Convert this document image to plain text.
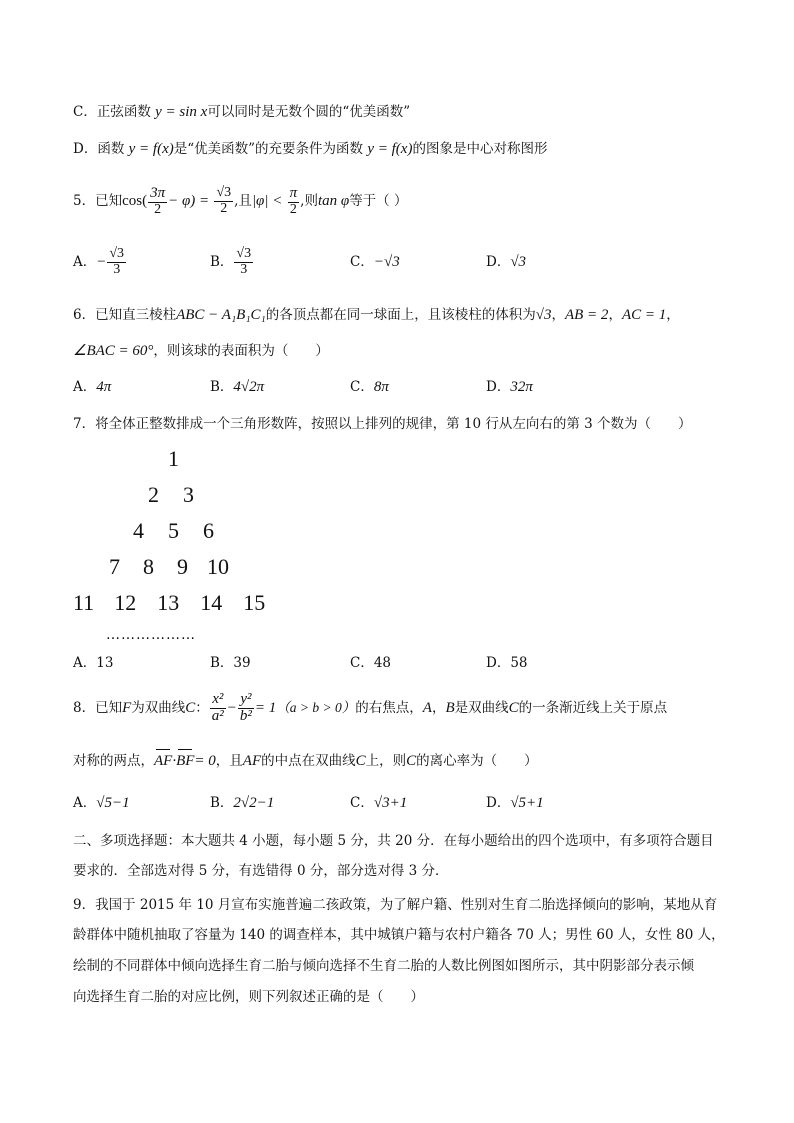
C．正弦函数 y = sin x可以同时是无数个圆的“优美函数”
D．函数 y = f(x)是“优美函数”的充要条件为函数 y = f(x)的图象是中心对称图形
5．已知$\cos( \frac{3\pi}{2} - \varphi) = \frac{√3}{2}$ ,且$|\varphi| < \frac{\pi}{2}$ ,则tan φ等于（ ）
A．− $\frac{√3}{3}$	B． $\frac{√3}{3}$	C．−√3	D．√3
6．已知直三棱柱ABC − A₁B₁C₁的各顶点都在同一球面上，且该棱柱的体积为√3，AB = 2，AC = 1，
∠BAC = 60°，则该球的表面积为（　　）
A．4π	B．4√2π	C．8π	D．32π
7．将全体正整数排成一个三角形数阵，按照以上排列的规律，第 10 行从左向右的第 3 个数为（　　）
1
2 3
4 5 6
7 8 9 10
11 12 13 14 15
………………
A．13	B．39	C．48	D．58
8．已知F为双曲线C： $\frac{\text{x²}}{\text{a²}} - \frac{\text{y²}}{\text{b²}} = 1(a > b > 0)$的右焦点，A，B是双曲线C的一条渐近线上关于原点
对称的两点，AF·BF= 0，且AF的中点在双曲线C上，则C的离心率为（　　）
A．√5−1	B．2√2−1	C．√3+1	D．√5+1
二、多项选择题：本大题共 4 小题，每小题 5 分，共 20 分．在每小题给出的四个选项中，有多项符合题目
要求的．全部选对得 5 分，有选错得 0 分，部分选对得 3 分．
9．我国于 2015 年 10 月宣布实施普遍二孩政策，为了解户籍、性别对生育二胎选择倾向的影响，某地从育
龄群体中随机抽取了容量为 140 的调查样本，其中城镇户籍与农村户籍各 70 人；男性 60 人，女性 80 人，
绘制的不同群体中倾向选择生育二胎与倾向选择不生育二胎的人数比例图如图所示，其中阴影部分表示倾
向选择生育二胎的对应比例，则下列叙述正确的是（　　）
